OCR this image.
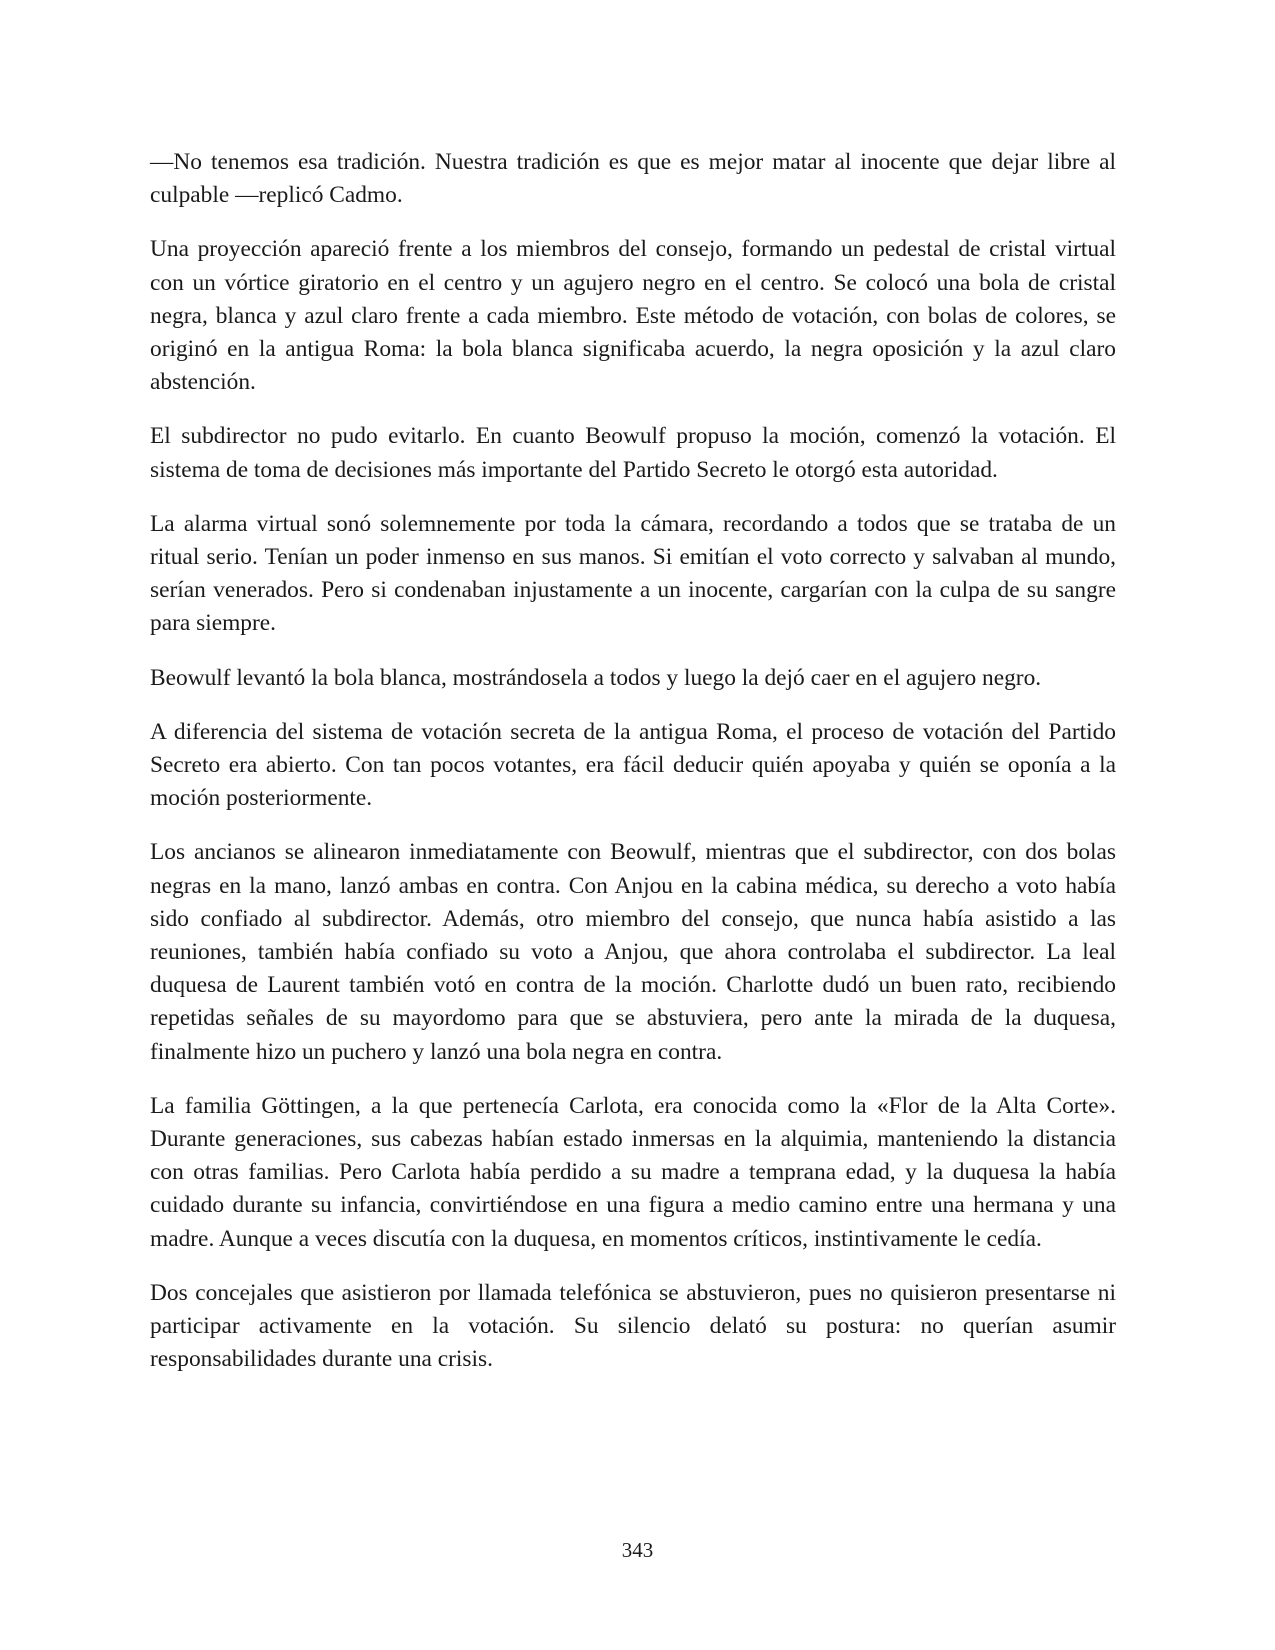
—No tenemos esa tradición. Nuestra tradición es que es mejor matar al inocente que dejar libre al culpable —replicó Cadmo.

Una proyección apareció frente a los miembros del consejo, formando un pedestal de cristal virtual con un vórtice giratorio en el centro y un agujero negro en el centro. Se colocó una bola de cristal negra, blanca y azul claro frente a cada miembro. Este método de votación, con bolas de colores, se originó en la antigua Roma: la bola blanca significaba acuerdo, la negra oposición y la azul claro abstención.

El subdirector no pudo evitarlo. En cuanto Beowulf propuso la moción, comenzó la votación. El sistema de toma de decisiones más importante del Partido Secreto le otorgó esta autoridad.

La alarma virtual sonó solemnemente por toda la cámara, recordando a todos que se trataba de un ritual serio. Tenían un poder inmenso en sus manos. Si emitían el voto correcto y salvaban al mundo, serían venerados. Pero si condenaban injustamente a un inocente, cargarían con la culpa de su sangre para siempre.

Beowulf levantó la bola blanca, mostrándosela a todos y luego la dejó caer en el agujero negro.

A diferencia del sistema de votación secreta de la antigua Roma, el proceso de votación del Partido Secreto era abierto. Con tan pocos votantes, era fácil deducir quién apoyaba y quién se oponía a la moción posteriormente.

Los ancianos se alinearon inmediatamente con Beowulf, mientras que el subdirector, con dos bolas negras en la mano, lanzó ambas en contra. Con Anjou en la cabina médica, su derecho a voto había sido confiado al subdirector. Además, otro miembro del consejo, que nunca había asistido a las reuniones, también había confiado su voto a Anjou, que ahora controlaba el subdirector. La leal duquesa de Laurent también votó en contra de la moción. Charlotte dudó un buen rato, recibiendo repetidas señales de su mayordomo para que se abstuviera, pero ante la mirada de la duquesa, finalmente hizo un puchero y lanzó una bola negra en contra.

La familia Göttingen, a la que pertenecía Carlota, era conocida como la «Flor de la Alta Corte». Durante generaciones, sus cabezas habían estado inmersas en la alquimia, manteniendo la distancia con otras familias. Pero Carlota había perdido a su madre a temprana edad, y la duquesa la había cuidado durante su infancia, convirtiéndose en una figura a medio camino entre una hermana y una madre. Aunque a veces discutía con la duquesa, en momentos críticos, instintivamente le cedía.

Dos concejales que asistieron por llamada telefónica se abstuvieron, pues no quisieron presentarse ni participar activamente en la votación. Su silencio delató su postura: no querían asumir responsabilidades durante una crisis.

343
